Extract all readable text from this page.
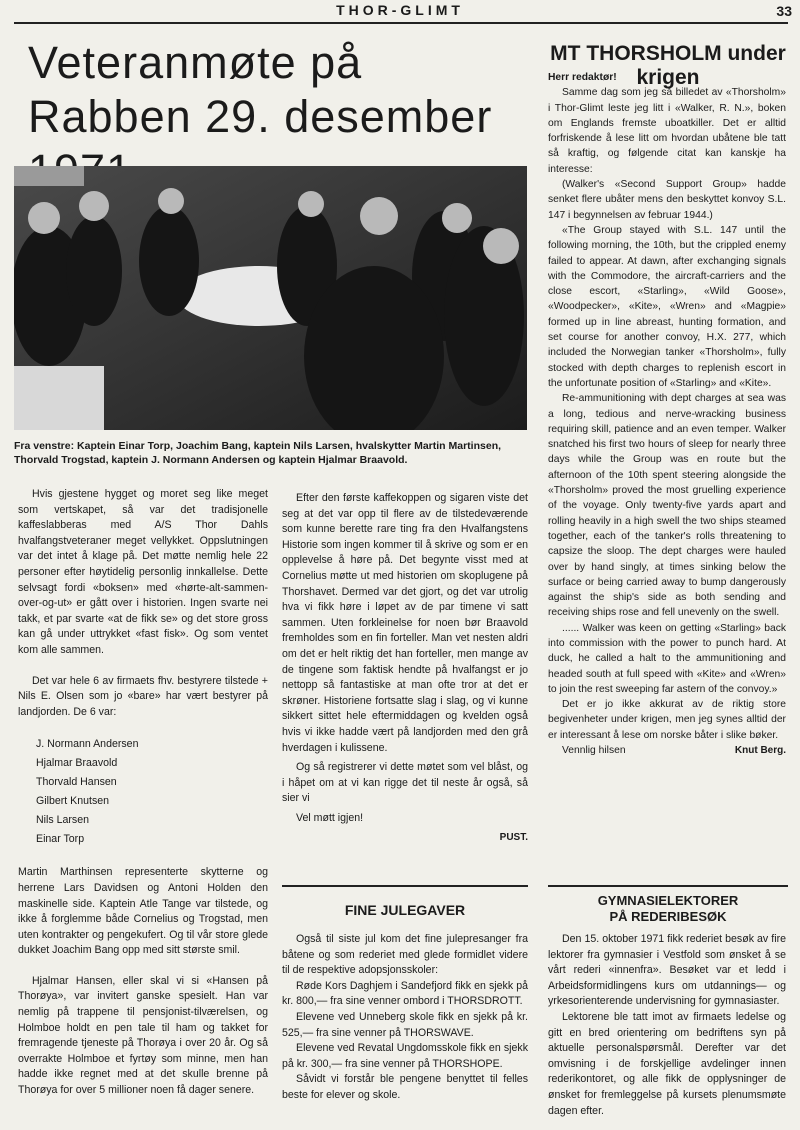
THOR-GLIMT	33
Veteranmøte på Rabben 29. desember
Fra venstre: Kaptein Einar Torp, Joachim Bang, kaptein Nils Larsen, hvalskytter Martin Martinsen, Thorvald Trogstad, kaptein J. Normann Andersen og kaptein Hjalmar Braavold.

Hvis gjestene hygget og moret seg like meget som vertskapet, så var det tradisjonelle kaffeslabberas med A/S Thor Dahls hvalfangstveteraner meget vellykket. Oppslutningen var det intet å klage på. Det møtte nemlig hele 22 personer efter høytidelig personlig innkallelse. Dette selvsagt fordi «boksen» med «hørte-alt-sammen-over-og-ut» er gått over i historien. Ingen svarte nei takk, et par svarte «at de fikk se» og det store gross kan gå under uttrykket «fast fisk». Og som ventet kom alle sammen.

Det var hele 6 av firmaets fhv. bestyrere tilstede + Nils E. Olsen som jo «bare» har vært bestyrer på landjorden. De 6 var:

J. Normann Andersen
Hjalmar Braavold
Thorvald Hansen
Gilbert Knutsen
Nils Larsen
Einar Torp

Martin Marthinsen representerte skytterne og herrene Lars Davidsen og Antoni Holden den maskinelle side. Kaptein Atle Tange var tilstede, og ikke å forglemme både Cornelius og Trogstad, men uten kontrakter og pengekufert. Og til vår store glede dukket Joachim Bang opp med sitt største smil.

Hjalmar Hansen, eller skal vi si «Hansen på Thorøya», var invitert ganske spesielt. Han var nemlig på trappene til pensjonist-tilværelsen, og Holmboe holdt en pen tale til ham og takket for fremragende tjeneste på Thorøya i over 20 år. Og så overrakte Holmboe et fyrtøy som minne, men han hadde ikke regnet med at det skulle brenne på Thorøya for over 5 millioner noen få dager senere.

Efter den første kaffekoppen og sigaren viste det seg at det var opp til flere av de tilstedeværende som kunne berette rare ting fra den Hvalfangstens Historie som ingen kommer til å skrive og som er en opplevelse å høre på. Det begynte visst med at Cornelius møtte ut med historien om skoplugene på Thorshavet. Dermed var det gjort, og det var utrolig hva vi fikk høre i løpet av de par timene vi satt sammen. Uten forkleinelse for noen bør Braavold fremholdes som en fin forteller. Man vet nesten aldri om det er helt riktig det han forteller, men mange av de tingene som faktisk hendte på hvalfangst er jo nettopp så fantastiske at man ofte tror at det er skrøner. Historiene fortsatte slag i slag, og vi kunne sikkert sittet hele eftermiddagen og kvelden også hvis vi ikke hadde vært på landjorden med den grå hverdagen i kulissene.

Og så registrerer vi dette møtet som vel blåst, og i håpet om at vi kan rigge det til neste år også, så sier vi

Vel møtt igjen!

PUST.
FINE JULEGAVER

Også til siste jul kom det fine julepresanger fra båtene og som rederiet med glede formidlet videre til de respektive adopsjonsskoler:

Røde Kors Daghjem i Sandefjord fikk en sjekk på kr. 800,— fra sine venner ombord i THORSDROTT.

Elevene ved Unneberg skole fikk en sjekk på kr. 525,— fra sine venner på THORSWAVE.

Elevene ved Revatal Ungdomsskole fikk en sjekk på kr. 300,— fra sine venner på THORSHOPE.

Såvidt vi forstår ble pengene benyttet til felles beste for elever og skole.

MT THORSHOLM under krigen

Herr redaktør!

Samme dag som jeg så billedet av «Thorsholm» i Thor-Glimt leste jeg litt i «Walker, R. N.», boken om Englands fremste uboatkiller. Det er alltid forfriskende å lese litt om hvordan ubåtene ble tatt så kraftig, og følgende citat kan kanskje ha interesse:

(Walker's «Second Support Group» hadde senket flere ubåter mens den beskyttet konvoy S.L. 147 i begynnelsen av februar 1944.)

«The Group stayed with S.L. 147 until the following morning, the 10th, but the crippled enemy failed to appear. At dawn, after exchanging signals with the Commodore, the aircraft-carriers and the close escort, «Starling», «Wild Goose», «Woodpecker», «Kite», «Wren» and «Magpie» formed up in line abreast, hunting formation, and set course for another convoy, H.X. 277, which included the Norwegian tanker «Thorsholm», fully stocked with depth charges to replenish escort in the unfortunate position of «Starling» and «Kite».

Re-ammunitioning with dept charges at sea was a long, tedious and nerve-wracking business requiring skill, patience and an even temper. Walker snatched his first two hours of sleep for nearly three days while the Group was en route but the afternoon of the 10th spent steering alongside the «Thorsholm» proved the most gruelling experience of the voyage. Only twenty-five yards apart and rolling heavily in a high swell the two ships steamed together, each of the tanker's rolls threatening to capsize the sloop. The dept charges were hauled over by hand singly, at times sinking below the surface or being carried away to bump dangerously against the ship's side as both sending and receiving ships rose and fell unevenly on the swell.

...... Walker was keen on getting «Starling» back into commission with the power to punch hard. At duck, he called a halt to the ammunitioning and headed south at full speed with «Kite» and «Wren» to join the rest sweeping far astern of the convoy.»

Det er jo ikke akkurat av de riktig store begivenheter under krigen, men jeg synes alltid der er interessant å lese om norske båter i slike bøker.

Vennlig hilsen	Knut Berg.
GYMNASIELEKTORER
PÅ REDERIBESØK

Den 15. oktober 1971 fikk rederiet besøk av fire lektorer fra gymnasier i Vestfold som ønsket å se vårt rederi «innenfra». Besøket var et ledd i Arbeidsformidlingens kurs om utdannings— og yrkesorienterende undervisning for gymnasiaster.

Lektorene ble tatt imot av firmaets ledelse og gitt en bred orientering om bedriftens syn på aktuelle personalspørsmål. Derefter var det omvisning i de forskjellige avdelinger innen rederikontoret, og alle fikk de opplysninger de ønsket for fremleggelse på kursets plenumsmøte dagen efter.
